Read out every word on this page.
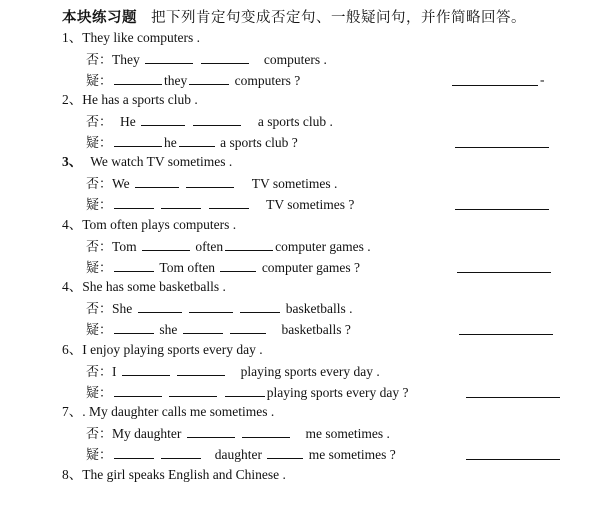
本块练习题 把下列肯定句变成否定句、一般疑问句，并作简略回答。
1、They like computers .
否：They	computers .
疑：	they	computers ?	-
2、He has a sports club .
否： He	a sports club .
疑：	he	a sports club ?
3、 We watch TV sometimes .
否：We	TV sometimes .
疑：	TV sometimes ?
4、Tom often plays computers .
否：Tom	often	computer games .
疑：	Tom often	computer games ?
4、She has some basketballs .
否：She	basketballs .
疑：	she	basketballs ?
6、I enjoy playing sports every day .
否：I	playing sports every day .
疑：	playing sports every day ?
7、. My daughter calls me sometimes .
否：My daughter	me sometimes .
疑：	daughter	me sometimes ?
8、The girl speaks English and Chinese .
